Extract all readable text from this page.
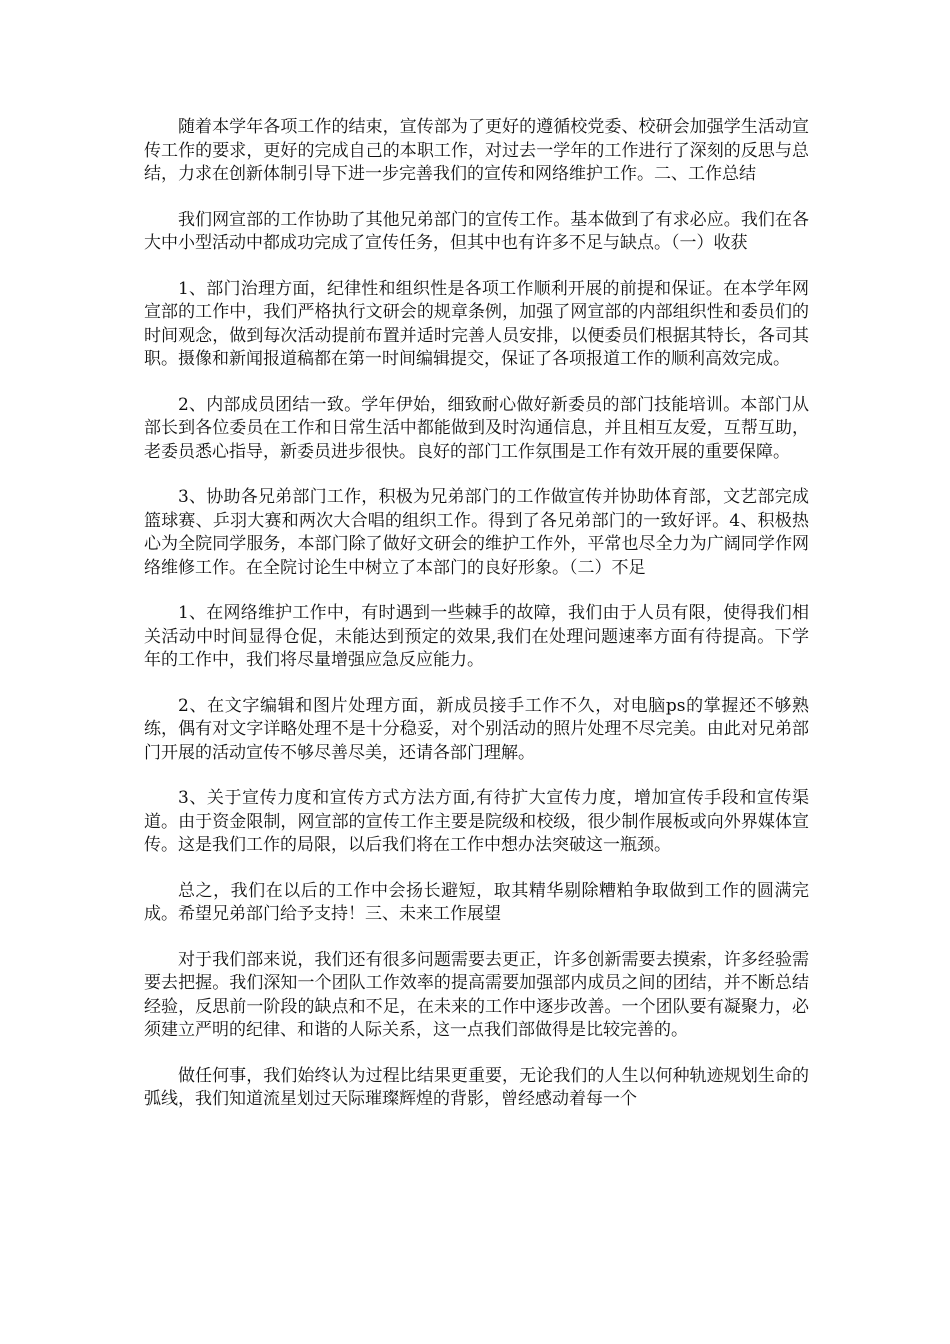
随着本学年各项工作的结束，宣传部为了更好的遵循校党委、校研会加强学生活动宣传工作的要求，更好的完成自己的本职工作，对过去一学年的工作进行了深刻的反思与总结，力求在创新体制引导下进一步完善我们的宣传和网络维护工作。二、工作总结

我们网宣部的工作协助了其他兄弟部门的宣传工作。基本做到了有求必应。我们在各大中小型活动中都成功完成了宣传任务，但其中也有许多不足与缺点。（一）收获

1、部门治理方面，纪律性和组织性是各项工作顺利开展的前提和保证。在本学年网宣部的工作中，我们严格执行文研会的规章条例，加强了网宣部的内部组织性和委员们的时间观念，做到每次活动提前布置并适时完善人员安排，以便委员们根据其特长，各司其职。摄像和新闻报道稿都在第一时间编辑提交，保证了各项报道工作的顺利高效完成。

2、内部成员团结一致。学年伊始，细致耐心做好新委员的部门技能培训。本部门从部长到各位委员在工作和日常生活中都能做到及时沟通信息，并且相互友爱，互帮互助，老委员悉心指导，新委员进步很快。良好的部门工作氛围是工作有效开展的重要保障。

3、协助各兄弟部门工作，积极为兄弟部门的工作做宣传并协助体育部，文艺部完成篮球赛、乒羽大赛和两次大合唱的组织工作。得到了各兄弟部门的一致好评。4、积极热心为全院同学服务，本部门除了做好文研会的维护工作外，平常也尽全力为广阔同学作网络维修工作。在全院讨论生中树立了本部门的良好形象。（二）不足

1、在网络维护工作中，有时遇到一些棘手的故障，我们由于人员有限，使得我们相关活动中时间显得仓促，未能达到预定的效果,我们在处理问题速率方面有待提高。下学年的工作中，我们将尽量增强应急反应能力。

2、在文字编辑和图片处理方面，新成员接手工作不久，对电脑ps的掌握还不够熟练，偶有对文字详略处理不是十分稳妥，对个别活动的照片处理不尽完美。由此对兄弟部门开展的活动宣传不够尽善尽美，还请各部门理解。

3、关于宣传力度和宣传方式方法方面,有待扩大宣传力度，增加宣传手段和宣传渠道。由于资金限制，网宣部的宣传工作主要是院级和校级，很少制作展板或向外界媒体宣传。这是我们工作的局限，以后我们将在工作中想办法突破这一瓶颈。

总之，我们在以后的工作中会扬长避短，取其精华剔除糟粕争取做到工作的圆满完成。希望兄弟部门给予支持！三、未来工作展望

对于我们部来说，我们还有很多问题需要去更正，许多创新需要去摸索，许多经验需要去把握。我们深知一个团队工作效率的提高需要加强部内成员之间的团结，并不断总结经验，反思前一阶段的缺点和不足，在未来的工作中逐步改善。一个团队要有凝聚力，必须建立严明的纪律、和谐的人际关系，这一点我们部做得是比较完善的。

做任何事，我们始终认为过程比结果更重要，无论我们的人生以何种轨迹规划生命的弧线，我们知道流星划过天际璀璨辉煌的背影，曾经感动着每一个
